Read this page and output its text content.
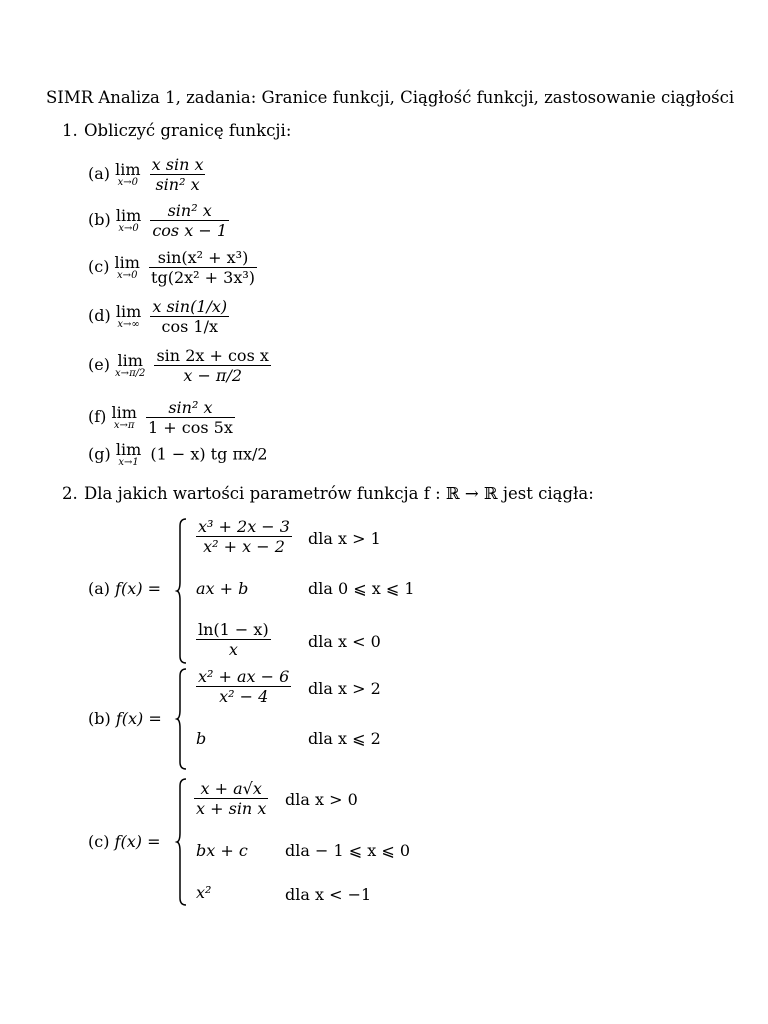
SIMR Analiza 1, zadania: Granice funkcji, Ciągłość funkcji, zastosowanie ciągłości
1. Obliczyć granicę funkcji:
(a) lim
x→0
$\frac{\text{x sin x}}{\text{sin² x}}$
(b) lim
x→0
$\frac{\text{sin² x}}{\text{cos x − 1}}$
(c) lim
x→0
$\frac{\text{sin(x² + x³)}}{\text{tg(2x² + 3x³)}}$
(d) lim
x→∞
$\frac{\text{x sin(1/x)}}{\cos 1/x}$
(e) lim
x→π/2
$\frac{\text{sin 2x + cos x}}{x - \pi/2}$
(f) lim
x→π
$\frac{\text{sin² x}}{1 + \cos 5x}$
(g) lim
x→1 (1 − x) tg πx/2
2. Dla jakich wartości parametrów funkcja f : ℝ → ℝ jest ciągła:
(a) f(x) =
$\frac{\text{x³ + 2x − 3}}{\text{x² + x − 2}}$ dla x > 1
ax + b	dla 0 ⩽ x ⩽ 1
$\frac{\ln(1 - x)}{x}$ dla x < 0
(b) f(x) =
$\frac{\text{x² + ax − 6}}{\text{x² − 4}}$ dla x > 2
b	dla x ⩽ 2
(c) f(x) =
$\frac{x + a√x}{\text{x + sin x}}$ dla x > 0
bx + c dla − 1 ⩽ x ⩽ 0
x²	dla x < −1
